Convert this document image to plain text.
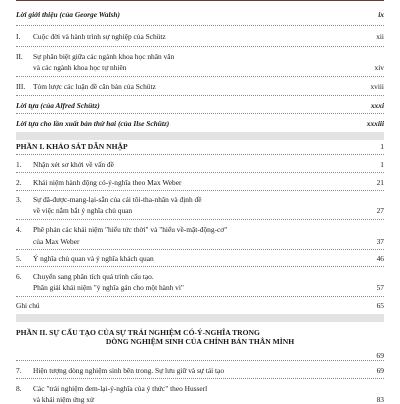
Lời giới thiệu (của George Walsh)	ix
I.	Cuộc đời và hành trình sự nghiệp của Schütz	xii
II.	Sự phân biệt giữa các ngành khoa học nhân văn
và các ngành khoa học tự nhiên	xiv
III.	Tóm lược các luận đề căn bản của Schütz	xviii
Lời tựa (của Alfred Schütz)	xxxi
Lời tựa cho lần xuất bản thứ hai (của Ilse Schütz)	xxxiii
PHẦN I. KHẢO SÁT DẪN NHẬP	1
1.	Nhận xét sơ khởi về vấn đề	1
2.	Khái niệm hành động có-ý-nghĩa theo Max Weber	21
3.	Sự đã-được-mang-lại-sẵn của cái tôi-tha-nhân và định đề
về việc nắm bắt ý nghĩa chủ quan	27
4.	Phê phán các khái niệm "hiểu tức thời" và "hiểu về-mặt-động-cơ"
của Max Weber	37
5.	Ý nghĩa chủ quan và ý nghĩa khách quan	46
6.	Chuyển sang phân tích quá trình cấu tạo.
Phân giải khái niệm "ý nghĩa gán cho một hành vi"	57
Ghi chú	65
PHẦN II. SỰ CẤU TẠO CỦA SỰ TRẢI NGHIỆM CÓ-Ý-NGHĨA TRONG
DÒNG NGHIỆM SINH CỦA CHÍNH BẢN THÂN MÌNH
69
7.	Hiện tượng dòng nghiệm sinh bên trong. Sự lưu giữ và sự tái tạo	69
8.	Các "trải nghiệm đem-lại-ý-nghĩa của ý thức" theo Husserl
và khái niệm ứng xử	83
